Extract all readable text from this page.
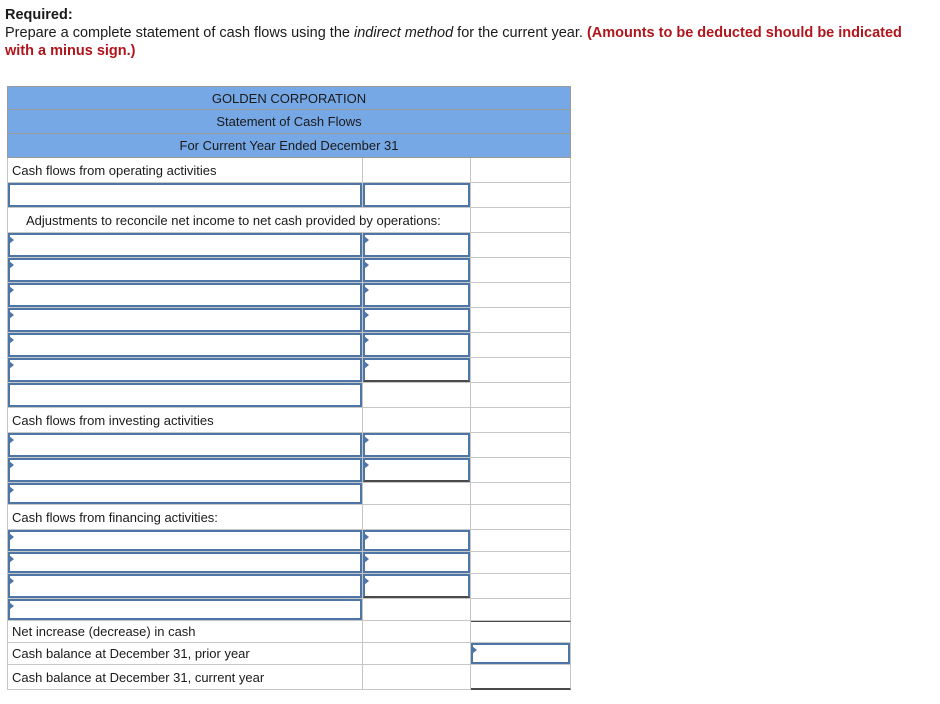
Required:
Prepare a complete statement of cash flows using the indirect method for the current year. (Amounts to be deducted should be indicated with a minus sign.)
GOLDEN CORPORATION
Statement of Cash Flows
For Current Year Ended December 31
Cash flows from operating activities
Adjustments to reconcile net income to net cash provided by operations:
Cash flows from investing activities
Cash flows from financing activities:
Net increase (decrease) in cash
Cash balance at December 31, prior year
Cash balance at December 31, current year
